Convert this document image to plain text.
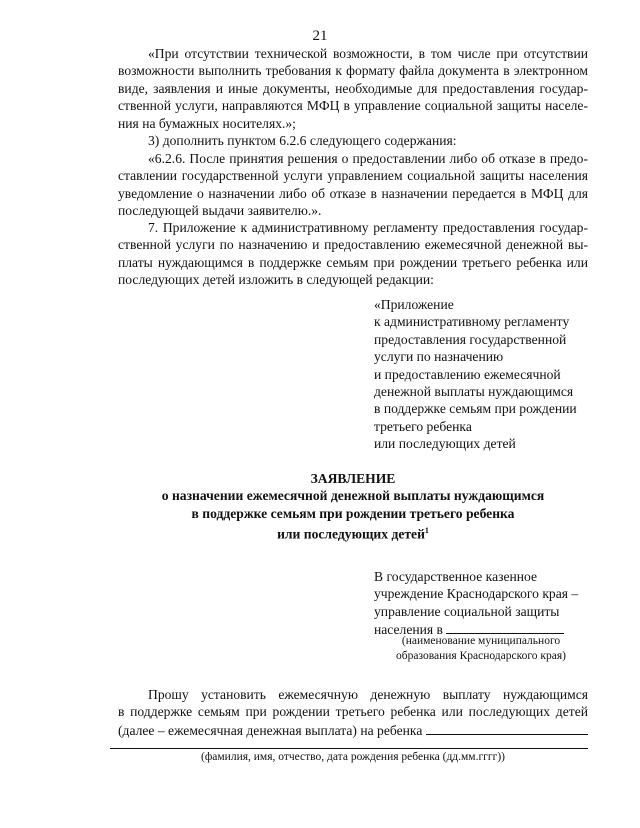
21
«При отсутствии технической возможности, в том числе при отсутствии
возможности выполнить требования к формату файла документа в электронном
виде, заявления и иные документы, необходимые для предоставления государ-
ственной услуги, направляются МФЦ в управление социальной защиты населе-
ния на бумажных носителях.»;
3) дополнить пунктом 6.2.6 следующего содержания:
«6.2.6. После принятия решения о предоставлении либо об отказе в предо-
ставлении государственной услуги управлением социальной защиты населения
уведомление о назначении либо об отказе в назначении передается в МФЦ для
последующей выдачи заявителю.».
7. Приложение к административному регламенту предоставления государ-
ственной услуги по назначению и предоставлению ежемесячной денежной вы-
платы нуждающимся в поддержке семьям при рождении третьего ребенка или
последующих детей изложить в следующей редакции:
«Приложение
к административному регламенту
предоставления государственной
услуги по назначению
и предоставлению ежемесячной
денежной выплаты нуждающимся
в поддержке семьям при рождении
третьего ребенка
или последующих детей
ЗАЯВЛЕНИЕ
о назначении ежемесячной денежной выплаты нуждающимся
в поддержке семьям при рождении третьего ребенка
или последующих детей$^1$
В государственное казенное
учреждение Краснодарского края –
управление социальной защиты
населения в
(наименование муниципального
образования Краснодарского края)
Прошу установить ежемесячную денежную выплату нуждающимся
в поддержке семьям при рождении третьего ребенка или последующих детей
(далее – ежемесячная денежная выплата) на ребенка
(фамилия, имя, отчество, дата рождения ребенка (дд.мм.гггг))
